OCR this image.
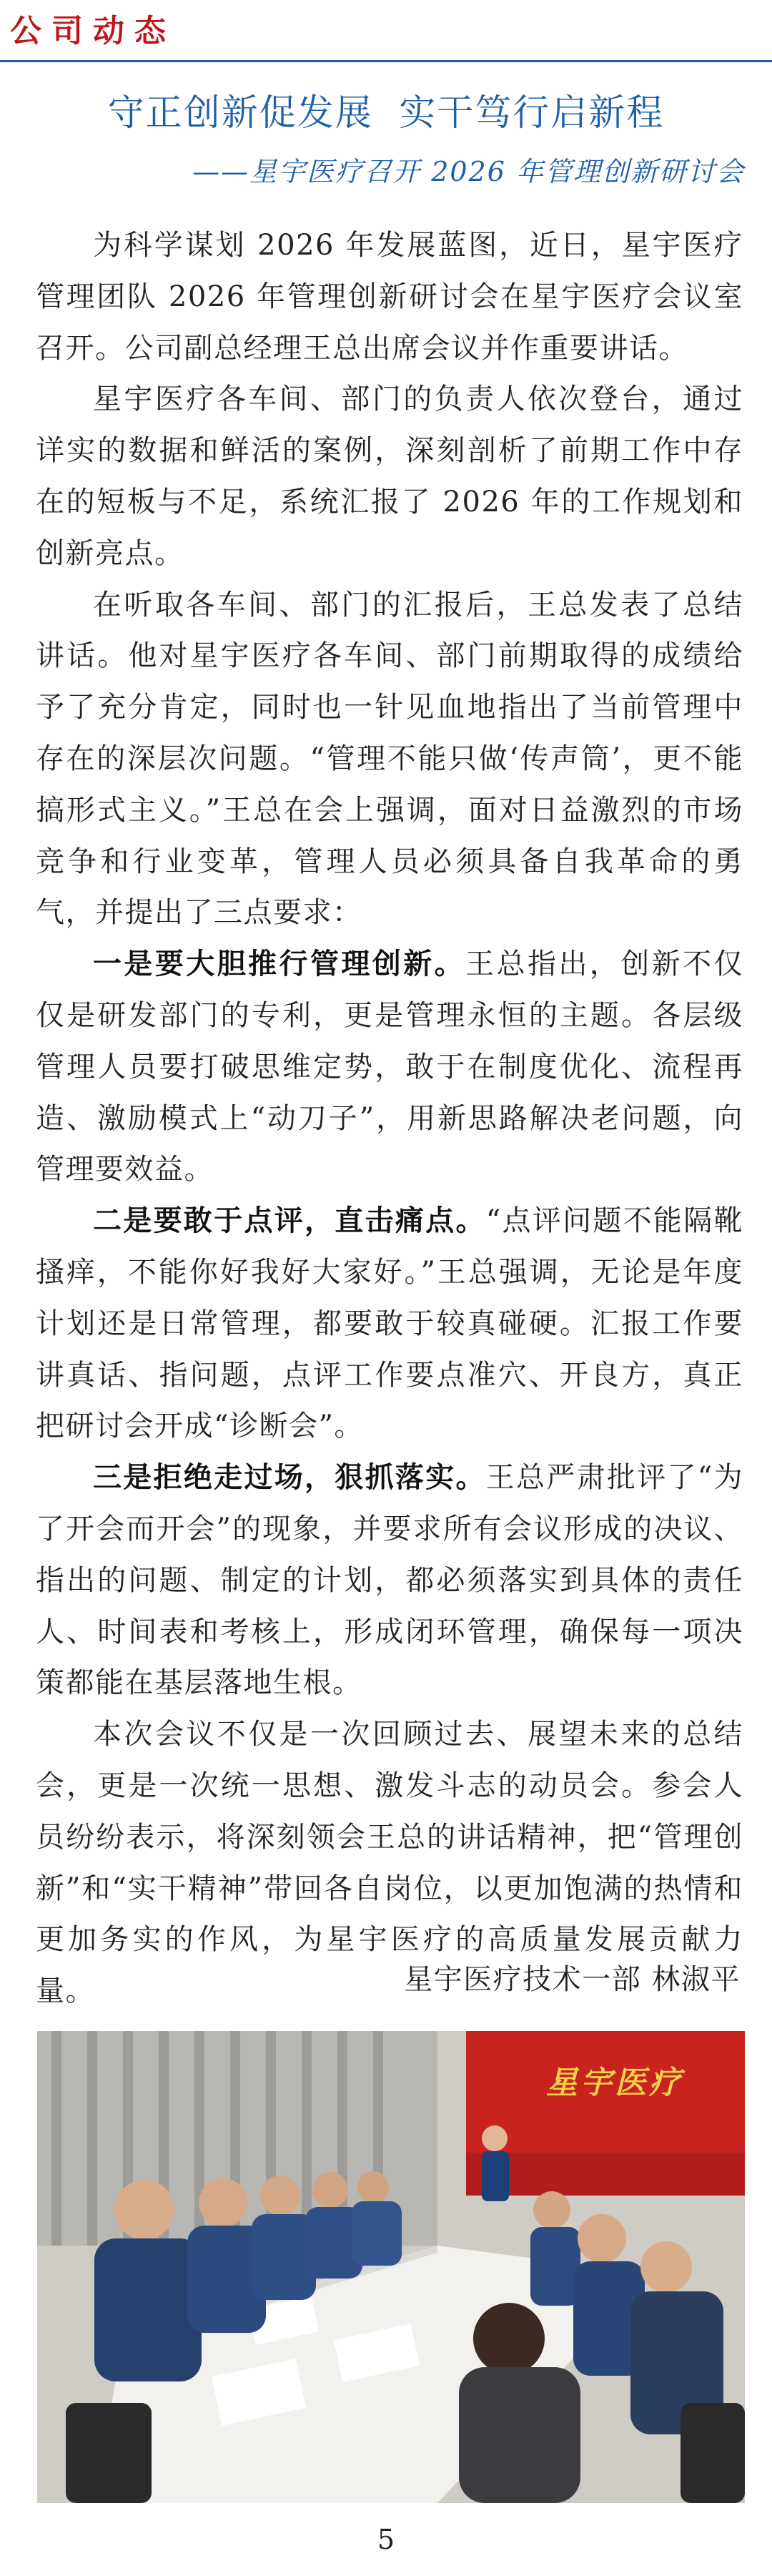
公司动态
守正创新促发展  实干笃行启新程
——星宇医疗召开 2026 年管理创新研讨会

为科学谋划 2026 年发展蓝图，近日，星宇医疗管理团队 2026 年管理创新研讨会在星宇医疗会议室召开。公司副总经理王总出席会议并作重要讲话。

星宇医疗各车间、部门的负责人依次登台，通过详实的数据和鲜活的案例，深刻剖析了前期工作中存在的短板与不足，系统汇报了 2026 年的工作规划和创新亮点。

在听取各车间、部门的汇报后，王总发表了总结讲话。他对星宇医疗各车间、部门前期取得的成绩给予了充分肯定，同时也一针见血地指出了当前管理中存在的深层次问题。“管理不能只做‘传声筒’，更不能搞形式主义。”王总在会上强调，面对日益激烈的市场竞争和行业变革，管理人员必须具备自我革命的勇气，并提出了三点要求：

一是要大胆推行管理创新。王总指出，创新不仅仅是研发部门的专利，更是管理永恒的主题。各层级管理人员要打破思维定势，敢于在制度优化、流程再造、激励模式上“动刀子”，用新思路解决老问题，向管理要效益。

二是要敢于点评，直击痛点。“点评问题不能隔靴搔痒，不能你好我好大家好。”王总强调，无论是年度计划还是日常管理，都要敢于较真碰硬。汇报工作要讲真话、指问题，点评工作要点准穴、开良方，真正把研讨会开成“诊断会”。

三是拒绝走过场，狠抓落实。王总严肃批评了“为了开会而开会”的现象，并要求所有会议形成的决议、指出的问题、制定的计划，都必须落实到具体的责任人、时间表和考核上，形成闭环管理，确保每一项决策都能在基层落地生根。

本次会议不仅是一次回顾过去、展望未来的总结会，更是一次统一思想、激发斗志的动员会。参会人员纷纷表示，将深刻领会王总的讲话精神，把“管理创新”和“实干精神”带回各自岗位，以更加饱满的热情和更加务实的作风，为星宇医疗的高质量发展贡献力量。	星宇医疗技术一部 林淑平
星宇医疗
5
